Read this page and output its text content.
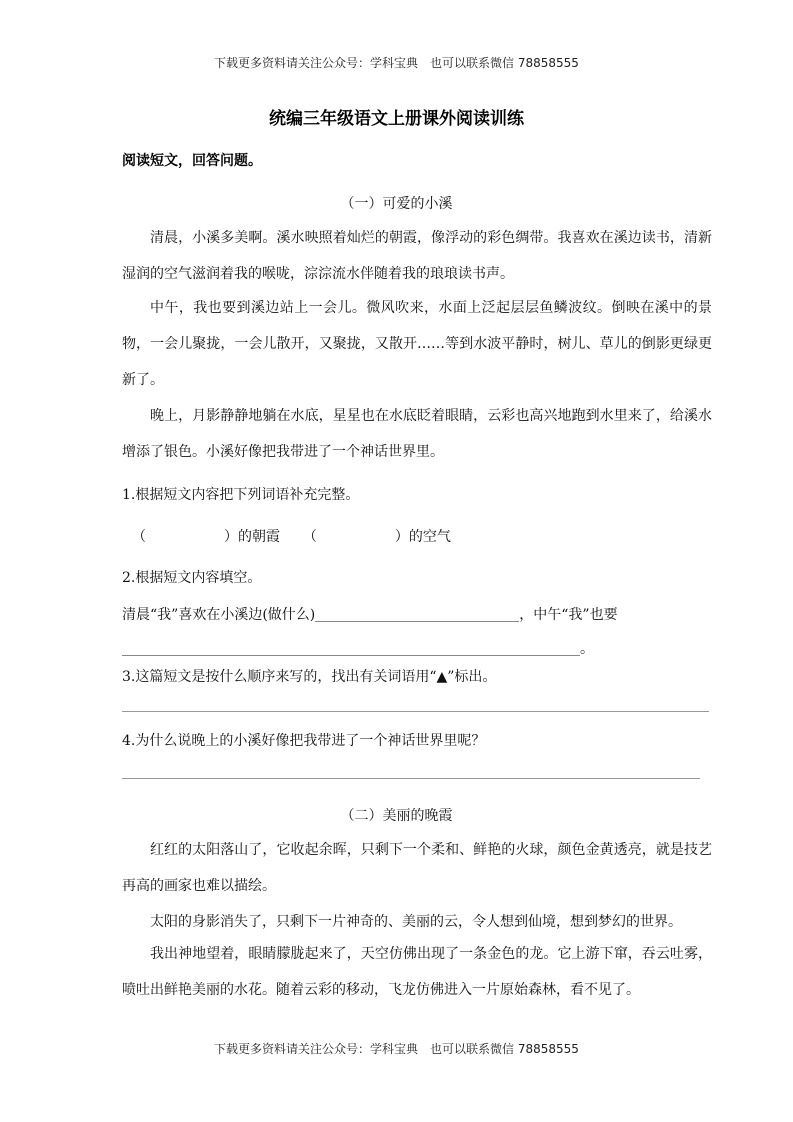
下载更多资料请关注公众号：学科宝典　也可以联系微信 78858555
统编三年级语文上册课外阅读训练
阅读短文，回答问题。
（一）可爱的小溪

清晨，小溪多美啊。溪水映照着灿烂的朝霞，像浮动的彩色绸带。我喜欢在溪边读书，清新湿润的空气滋润着我的喉咙，淙淙流水伴随着我的琅琅读书声。

中午，我也要到溪边站上一会儿。微风吹来，水面上泛起层层鱼鳞波纹。倒映在溪中的景物，一会儿聚拢，一会儿散开，又聚拢，又散开……等到水波平静时，树儿、草儿的倒影更绿更新了。

晚上，月影静静地躺在水底，星星也在水底眨着眼睛，云彩也高兴地跑到水里来了，给溪水增添了银色。小溪好像把我带进了一个神话世界里。

1.根据短文内容把下列词语补充完整。
（	）的朝霞 （	）的空气
2.根据短文内容填空。
清晨“我”喜欢在小溪边(做什么)	，中午“我”也要
。
3.这篇短文是按什么顺序来写的，找出有关词语用“▲”标出。
4.为什么说晚上的小溪好像把我带进了一个神话世界里呢？
（二）美丽的晚霞

红红的太阳落山了，它收起余晖，只剩下一个柔和、鲜艳的火球，颜色金黄透亮，就是技艺再高的画家也难以描绘。

太阳的身影消失了，只剩下一片神奇的、美丽的云，令人想到仙境，想到梦幻的世界。

我出神地望着，眼睛朦胧起来了，天空仿佛出现了一条金色的龙。它上游下窜，吞云吐雾，喷吐出鲜艳美丽的水花。随着云彩的移动，飞龙仿佛进入一片原始森林，看不见了。

下载更多资料请关注公众号：学科宝典　也可以联系微信 78858555
